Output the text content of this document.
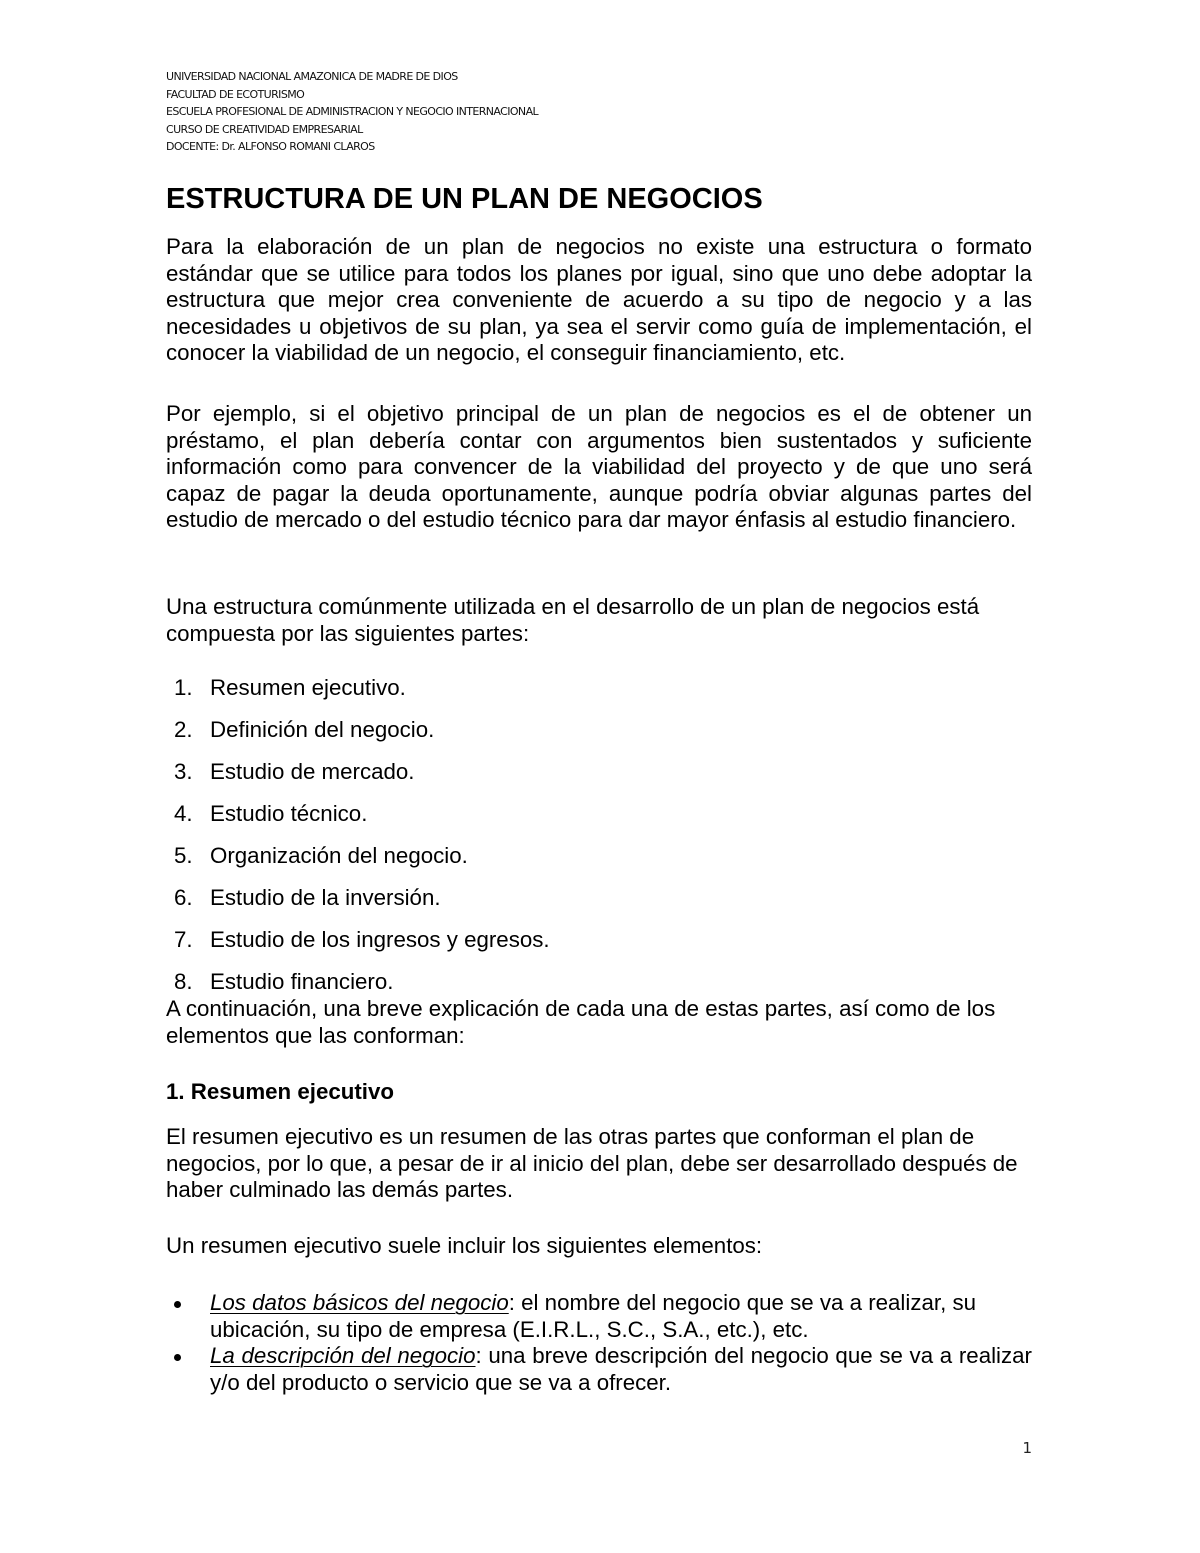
UNIVERSIDAD NACIONAL AMAZONICA DE MADRE DE DIOS
FACULTAD DE ECOTURISMO
ESCUELA PROFESIONAL DE ADMINISTRACION Y NEGOCIO INTERNACIONAL
CURSO DE CREATIVIDAD EMPRESARIAL
DOCENTE: Dr. ALFONSO ROMANI CLAROS
ESTRUCTURA DE UN PLAN DE NEGOCIOS

Para la elaboración de un plan de negocios no existe una estructura o formato estándar que se utilice para todos los planes por igual, sino que uno debe adoptar la estructura que mejor crea conveniente de acuerdo a su tipo de negocio y a las necesidades u objetivos de su plan, ya sea el servir como guía de implementación, el conocer la viabilidad de un negocio, el conseguir financiamiento, etc.

Por ejemplo, si el objetivo principal de un plan de negocios es el de obtener un préstamo, el plan debería contar con argumentos bien sustentados y suficiente información como para convencer de la viabilidad del proyecto y de que uno será capaz de pagar la deuda oportunamente, aunque podría obviar algunas partes del estudio de mercado o del estudio técnico para dar mayor énfasis al estudio financiero.

Una estructura comúnmente utilizada en el desarrollo de un plan de negocios está compuesta por las siguientes partes:

1. Resumen ejecutivo.
2. Definición del negocio.
3. Estudio de mercado.
4. Estudio técnico.
5. Organización del negocio.
6. Estudio de la inversión.
7. Estudio de los ingresos y egresos.
8. Estudio financiero.

A continuación, una breve explicación de cada una de estas partes, así como de los elementos que las conforman:

1. Resumen ejecutivo

El resumen ejecutivo es un resumen de las otras partes que conforman el plan de negocios, por lo que, a pesar de ir al inicio del plan, debe ser desarrollado después de haber culminado las demás partes.

Un resumen ejecutivo suele incluir los siguientes elementos:

Los datos básicos del negocio: el nombre del negocio que se va a realizar, su ubicación, su tipo de empresa (E.I.R.L., S.C., S.A., etc.), etc.
La descripción del negocio: una breve descripción del negocio que se va a realizar y/o del producto o servicio que se va a ofrecer.
1
